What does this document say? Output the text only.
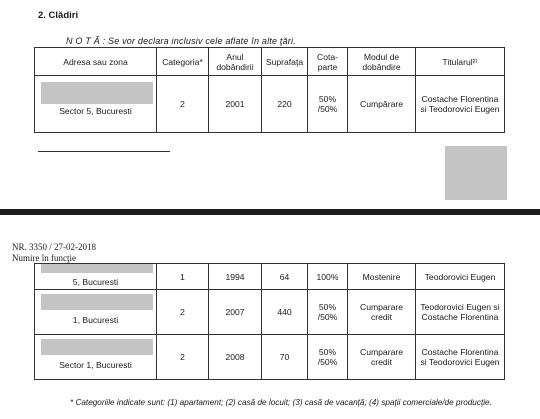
2. Clădiri
N O T Ă : Se vor declara inclusiv cele aflate în alte ţări.
Adresa sau zona	Categoria*	Anul dobândirii	Suprafaţa	Cota-parte	Modul de dobândire	Titularul²⁾

Sector 5, Bucuresti	2	2001	220	50% /50%	Cumpărare	Costache Florentina si Teodorovici Eugen
NR. 3350 / 27-02-2018
Numire în funcţie
5, Bucuresti	1	1994	64	100%	Mostenire	Teodorovici Eugen

1, Bucuresti	2	2007	440	50% /50%	Cumparare credit	Teodorovici Eugen si Costache Florentina

Sector 1, Bucuresti	2	2008	70	50% /50%	Cumparare credit	Costache Florentina si Teodorovici Eugen
* Categoriile indicate sunt: (1) apartament; (2) casă de locuit; (3) casă de vacanţă; (4) spaţii comerciale/de producţie.
